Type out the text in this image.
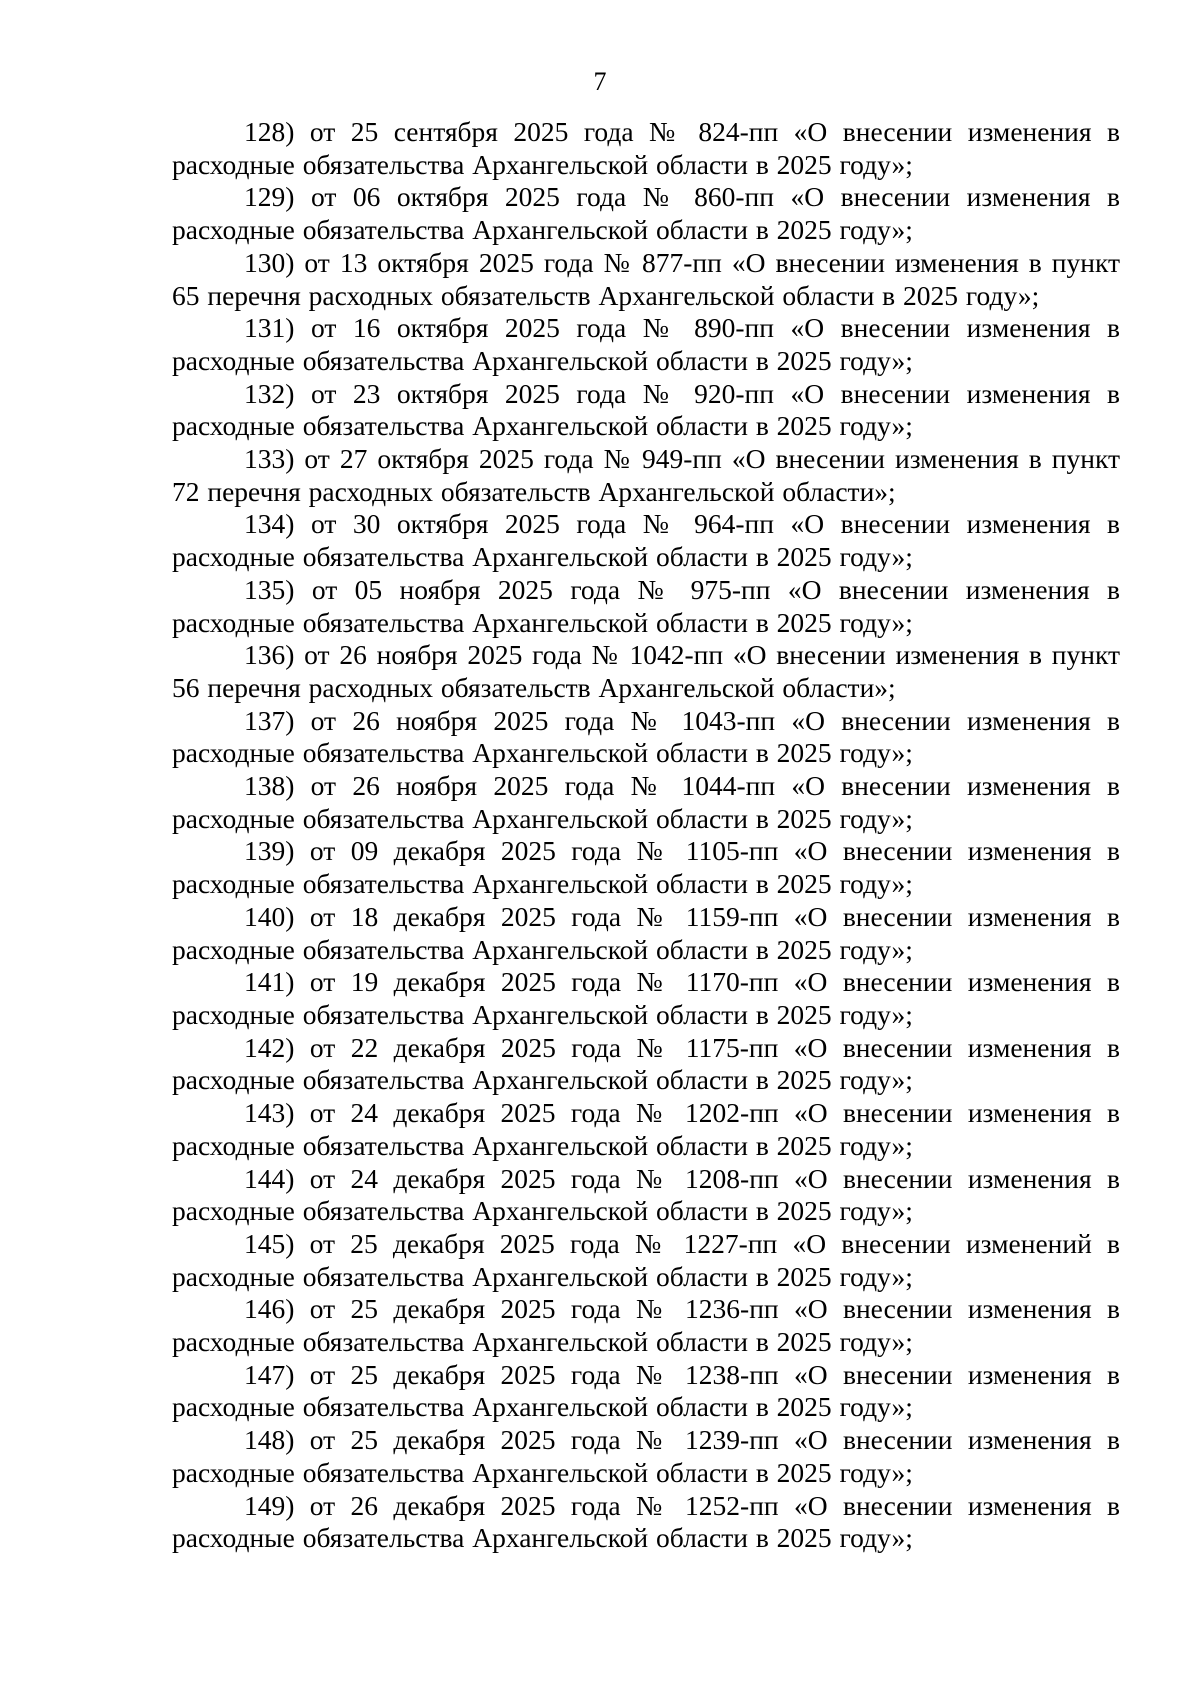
7

128) от 25 сентября 2025 года № 824-пп «О внесении изменения в расходные обязательства Архангельской области в 2025 году»;

129) от 06 октября 2025 года № 860-пп «О внесении изменения в расходные обязательства Архангельской области в 2025 году»;

130) от 13 октября 2025 года № 877-пп «О внесении изменения в пункт 65 перечня расходных обязательств Архангельской области в 2025 году»;

131) от 16 октября 2025 года № 890-пп «О внесении изменения в расходные обязательства Архангельской области в 2025 году»;

132) от 23 октября 2025 года № 920-пп «О внесении изменения в расходные обязательства Архангельской области в 2025 году»;

133) от 27 октября 2025 года № 949-пп «О внесении изменения в пункт 72 перечня расходных обязательств Архангельской области»;

134) от 30 октября 2025 года № 964-пп «О внесении изменения в расходные обязательства Архангельской области в 2025 году»;

135) от 05 ноября 2025 года № 975-пп «О внесении изменения в расходные обязательства Архангельской области в 2025 году»;

136) от 26 ноября 2025 года № 1042-пп «О внесении изменения в пункт 56 перечня расходных обязательств Архангельской области»;

137) от 26 ноября 2025 года № 1043-пп «О внесении изменения в расходные обязательства Архангельской области в 2025 году»;

138) от 26 ноября 2025 года № 1044-пп «О внесении изменения в расходные обязательства Архангельской области в 2025 году»;

139) от 09 декабря 2025 года № 1105-пп «О внесении изменения в расходные обязательства Архангельской области в 2025 году»;

140) от 18 декабря 2025 года № 1159-пп «О внесении изменения в расходные обязательства Архангельской области в 2025 году»;

141) от 19 декабря 2025 года № 1170-пп «О внесении изменения в расходные обязательства Архангельской области в 2025 году»;

142) от 22 декабря 2025 года № 1175-пп «О внесении изменения в расходные обязательства Архангельской области в 2025 году»;

143) от 24 декабря 2025 года № 1202-пп «О внесении изменения в расходные обязательства Архангельской области в 2025 году»;

144) от 24 декабря 2025 года № 1208-пп «О внесении изменения в расходные обязательства Архангельской области в 2025 году»;

145) от 25 декабря 2025 года № 1227-пп «О внесении изменений в расходные обязательства Архангельской области в 2025 году»;

146) от 25 декабря 2025 года № 1236-пп «О внесении изменения в расходные обязательства Архангельской области в 2025 году»;

147) от 25 декабря 2025 года № 1238-пп «О внесении изменения в расходные обязательства Архангельской области в 2025 году»;

148) от 25 декабря 2025 года № 1239-пп «О внесении изменения в расходные обязательства Архангельской области в 2025 году»;

149) от 26 декабря 2025 года № 1252-пп «О внесении изменения в расходные обязательства Архангельской области в 2025 году»;
